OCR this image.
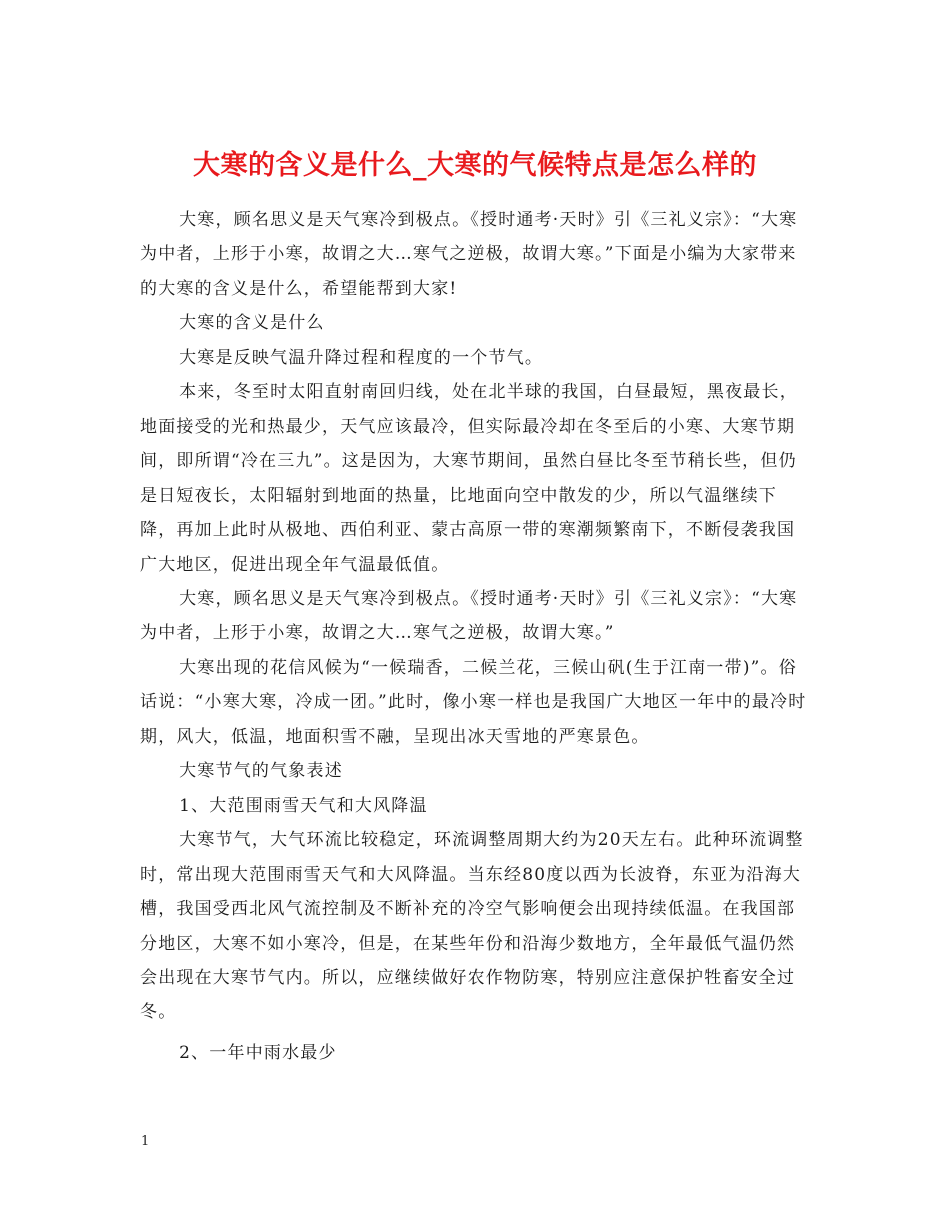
大寒的含义是什么_大寒的气候特点是怎么样的

大寒，顾名思义是天气寒冷到极点。《授时通考·天时》引《三礼义宗》：“大寒为中者，上形于小寒，故谓之大…寒气之逆极，故谓大寒。”下面是小编为大家带来的大寒的含义是什么，希望能帮到大家!

大寒的含义是什么

大寒是反映气温升降过程和程度的一个节气。

本来，冬至时太阳直射南回归线，处在北半球的我国，白昼最短，黑夜最长，地面接受的光和热最少，天气应该最冷，但实际最冷却在冬至后的小寒、大寒节期间，即所谓“冷在三九”。这是因为，大寒节期间，虽然白昼比冬至节稍长些，但仍是日短夜长，太阳辐射到地面的热量，比地面向空中散发的少，所以气温继续下降，再加上此时从极地、西伯利亚、蒙古高原一带的寒潮频繁南下，不断侵袭我国广大地区，促进出现全年气温最低值。

大寒，顾名思义是天气寒冷到极点。《授时通考·天时》引《三礼义宗》：“大寒为中者，上形于小寒，故谓之大…寒气之逆极，故谓大寒。”

大寒出现的花信风候为“一候瑞香，二候兰花，三候山矾(生于江南一带)”。俗话说：“小寒大寒，冷成一团。”此时，像小寒一样也是我国广大地区一年中的最冷时期，风大，低温，地面积雪不融，呈现出冰天雪地的严寒景色。

大寒节气的气象表述

1、大范围雨雪天气和大风降温

大寒节气，大气环流比较稳定，环流调整周期大约为20天左右。此种环流调整时，常出现大范围雨雪天气和大风降温。当东经80度以西为长波脊，东亚为沿海大槽，我国受西北风气流控制及不断补充的冷空气影响便会出现持续低温。在我国部分地区，大寒不如小寒冷，但是，在某些年份和沿海少数地方，全年最低气温仍然会出现在大寒节气内。所以，应继续做好农作物防寒，特别应注意保护牲畜安全过冬。

2、一年中雨水最少

1
